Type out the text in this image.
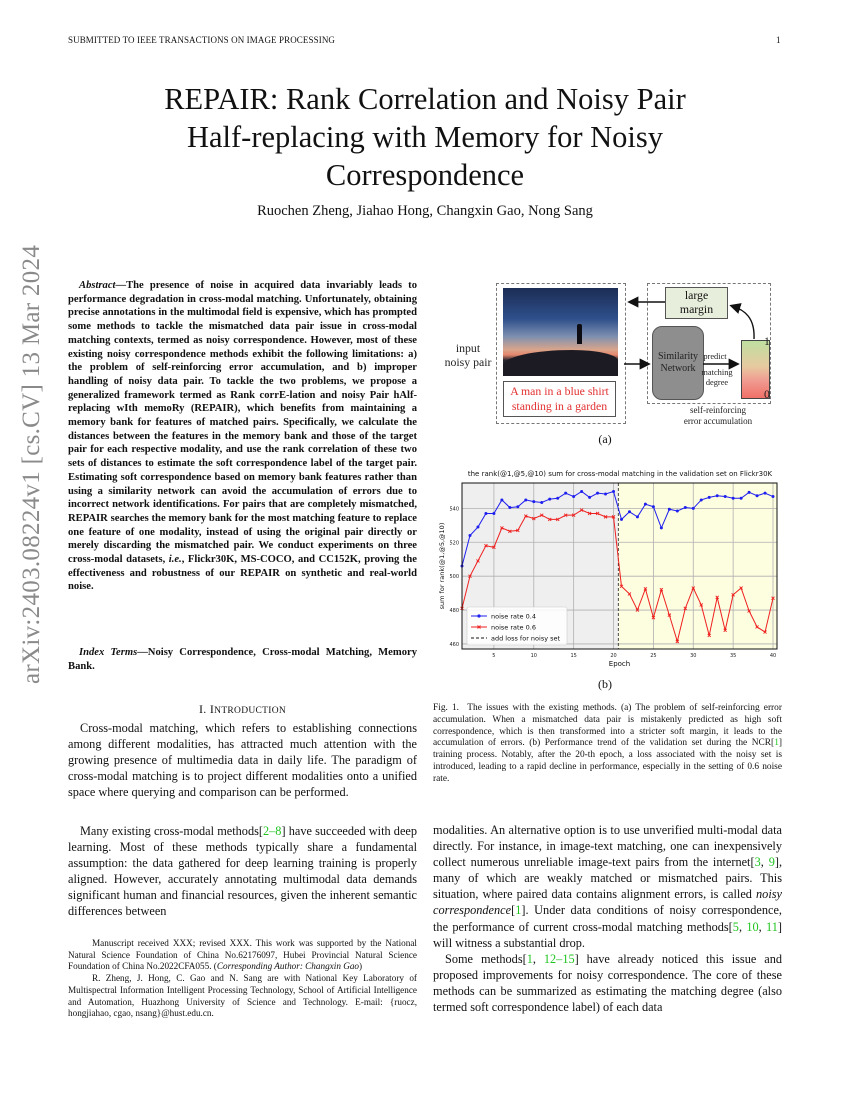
SUBMITTED TO IEEE TRANSACTIONS ON IMAGE PROCESSING	1
arXiv:2403.08224v1 [cs.CV] 13 Mar 2024
REPAIR: Rank Correlation and Noisy Pair
Half-replacing with Memory for Noisy
Correspondence
Ruochen Zheng, Jiahao Hong, Changxin Gao, Nong Sang
Abstract—The presence of noise in acquired data invariably leads to performance degradation in cross-modal matching. Unfortunately, obtaining precise annotations in the multimodal field is expensive, which has prompted some methods to tackle the mismatched data pair issue in cross-modal matching contexts, termed as noisy correspondence. However, most of these existing noisy correspondence methods exhibit the following limitations: a) the problem of self-reinforcing error accumulation, and b) improper handling of noisy data pair. To tackle the two problems, we propose a generalized framework termed as Rank corrE-lation and noisy Pair hAlf-replacing wIth memoRy (REPAIR), which benefits from maintaining a memory bank for features of matched pairs. Specifically, we calculate the distances between the features in the memory bank and those of the target pair for each respective modality, and use the rank correlation of these two sets of distances to estimate the soft correspondence label of the target pair. Estimating soft correspondence based on memory bank features rather than using a similarity network can avoid the accumulation of errors due to incorrect network identifications. For pairs that are completely mismatched, REPAIR searches the memory bank for the most matching feature to replace one feature of one modality, instead of using the original pair directly or merely discarding the mismatched pair. We conduct experiments on three cross-modal datasets, i.e., Flickr30K, MS-COCO, and CC152K, proving the effectiveness and robustness of our REPAIR on synthetic and real-world noise.
Index Terms—Noisy Correspondence, Cross-modal Matching, Memory Bank.
I. INTRODUCTION

Cross-modal matching, which refers to establishing connections among different modalities, has attracted much attention with the growing presence of multimedia data in daily life. The paradigm of cross-modal matching is to project different modalities onto a unified space where querying and comparison can be performed.

Many existing cross-modal methods[2–8] have succeeded with deep learning. Most of these methods typically share a fundamental assumption: the data gathered for deep learning training is properly aligned. However, accurately annotating multimodal data demands significant human and financial resources, given the inherent semantic differences between

Manuscript received XXX; revised XXX. This work was supported by the National Natural Science Foundation of China No.62176097, Hubei Provincial Natural Science Foundation of China No.2022CFA055. (Corresponding Author: Changxin Gao)

R. Zheng, J. Hong, C. Gao and N. Sang are with National Key Laboratory of Multispectral Information Intelligent Processing Technology, School of Artificial Intelligence and Automation, Huazhong University of Science and Technology. E-mail: {ruocz, hongjiahao, cgao, nsang}@hust.edu.cn.

input
noisy pair
A man in a blue shirt
standing in a garden
large
margin
Similarity
Network
1
0
predict
matching
degree
self-reinforcing
error accumulation
(a)
the rank(@1,@5,@10) sum for cross-modal matching in the validation set on Flickr30K
5	10	15	20	25	30	35	40
460
480
500
520
540
Epoch
sum for rank(@1,@5,@10)
noise rate 0.4
noise rate 0.6
add loss for noisy set
(b)
Fig. 1. The issues with the existing methods. (a) The problem of self-reinforcing error accumulation. When a mismatched data pair is mistakenly predicted as high soft correspondence, which is then transformed into a stricter soft margin, it leads to the accumulation of errors. (b) Performance trend of the validation set during the NCR[1] training process. Notably, after the 20-th epoch, a loss associated with the noisy set is introduced, leading to a rapid decline in performance, especially in the setting of 0.6 noise rate.

modalities. An alternative option is to use unverified multi-modal data directly. For instance, in image-text matching, one can inexpensively collect numerous unreliable image-text pairs from the internet[3, 9], many of which are weakly matched or mismatched pairs. This situation, where paired data contains alignment errors, is called noisy correspondence[1]. Under data conditions of noisy correspondence, the performance of current cross-modal matching methods[5, 10, 11] will witness a substantial drop.

Some methods[1, 12–15] have already noticed this issue and proposed improvements for noisy correspondence. The core of these methods can be summarized as estimating the matching degree (also termed soft correspondence label) of each data
